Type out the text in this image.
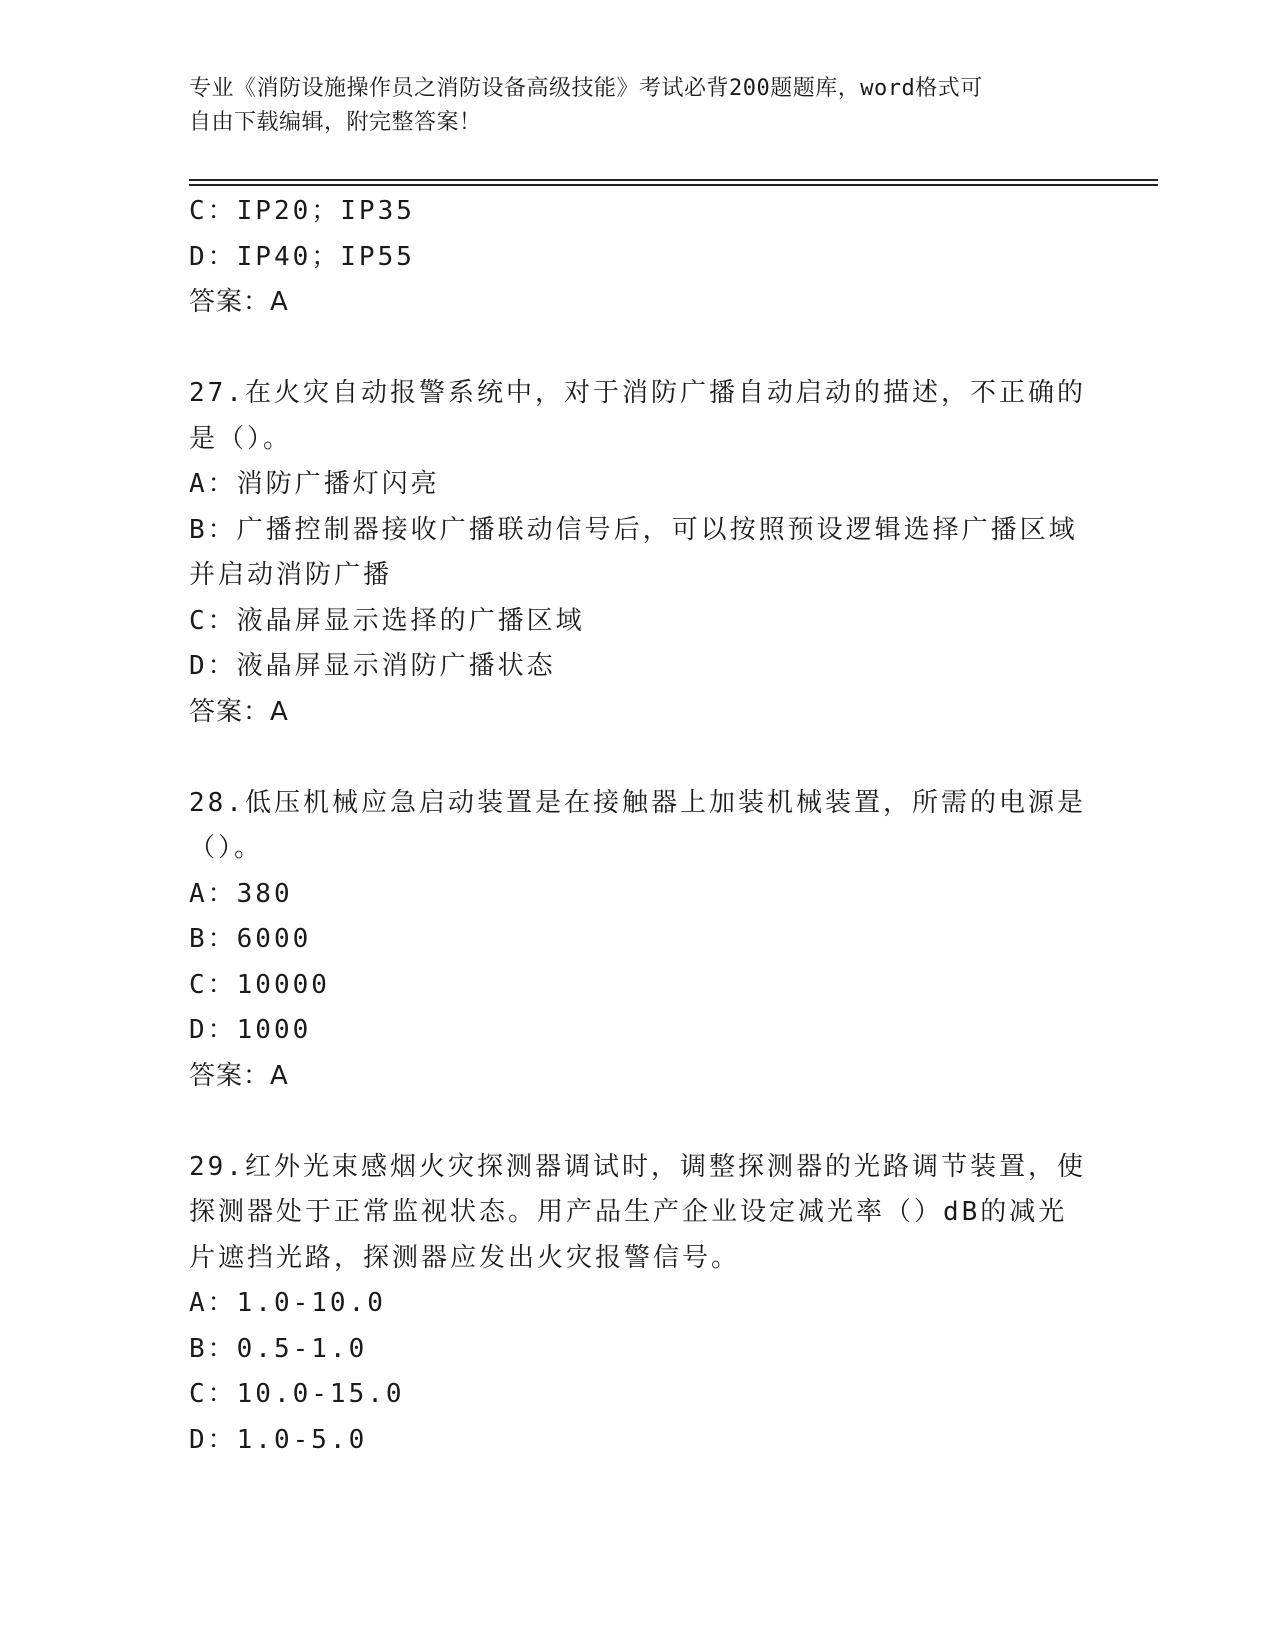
专业《消防设施操作员之消防设备高级技能》考试必背200题题库，word格式可
自由下载编辑，附完整答案！
C：IP20；IP35
D：IP40；IP55
答案：A
27.在火灾自动报警系统中，对于消防广播自动启动的描述，不正确的
是（）。
A：消防广播灯闪亮
B：广播控制器接收广播联动信号后，可以按照预设逻辑选择广播区域
并启动消防广播
C：液晶屏显示选择的广播区域
D：液晶屏显示消防广播状态
答案：A
28.低压机械应急启动装置是在接触器上加装机械装置，所需的电源是
（）。
A：380
B：6000
C：10000
D：1000
答案：A
29.红外光束感烟火灾探测器调试时，调整探测器的光路调节装置，使
探测器处于正常监视状态。用产品生产企业设定减光率（）dB的减光
片遮挡光路，探测器应发出火灾报警信号。
A：1.0-10.0
B：0.5-1.0
C：10.0-15.0
D：1.0-5.0
